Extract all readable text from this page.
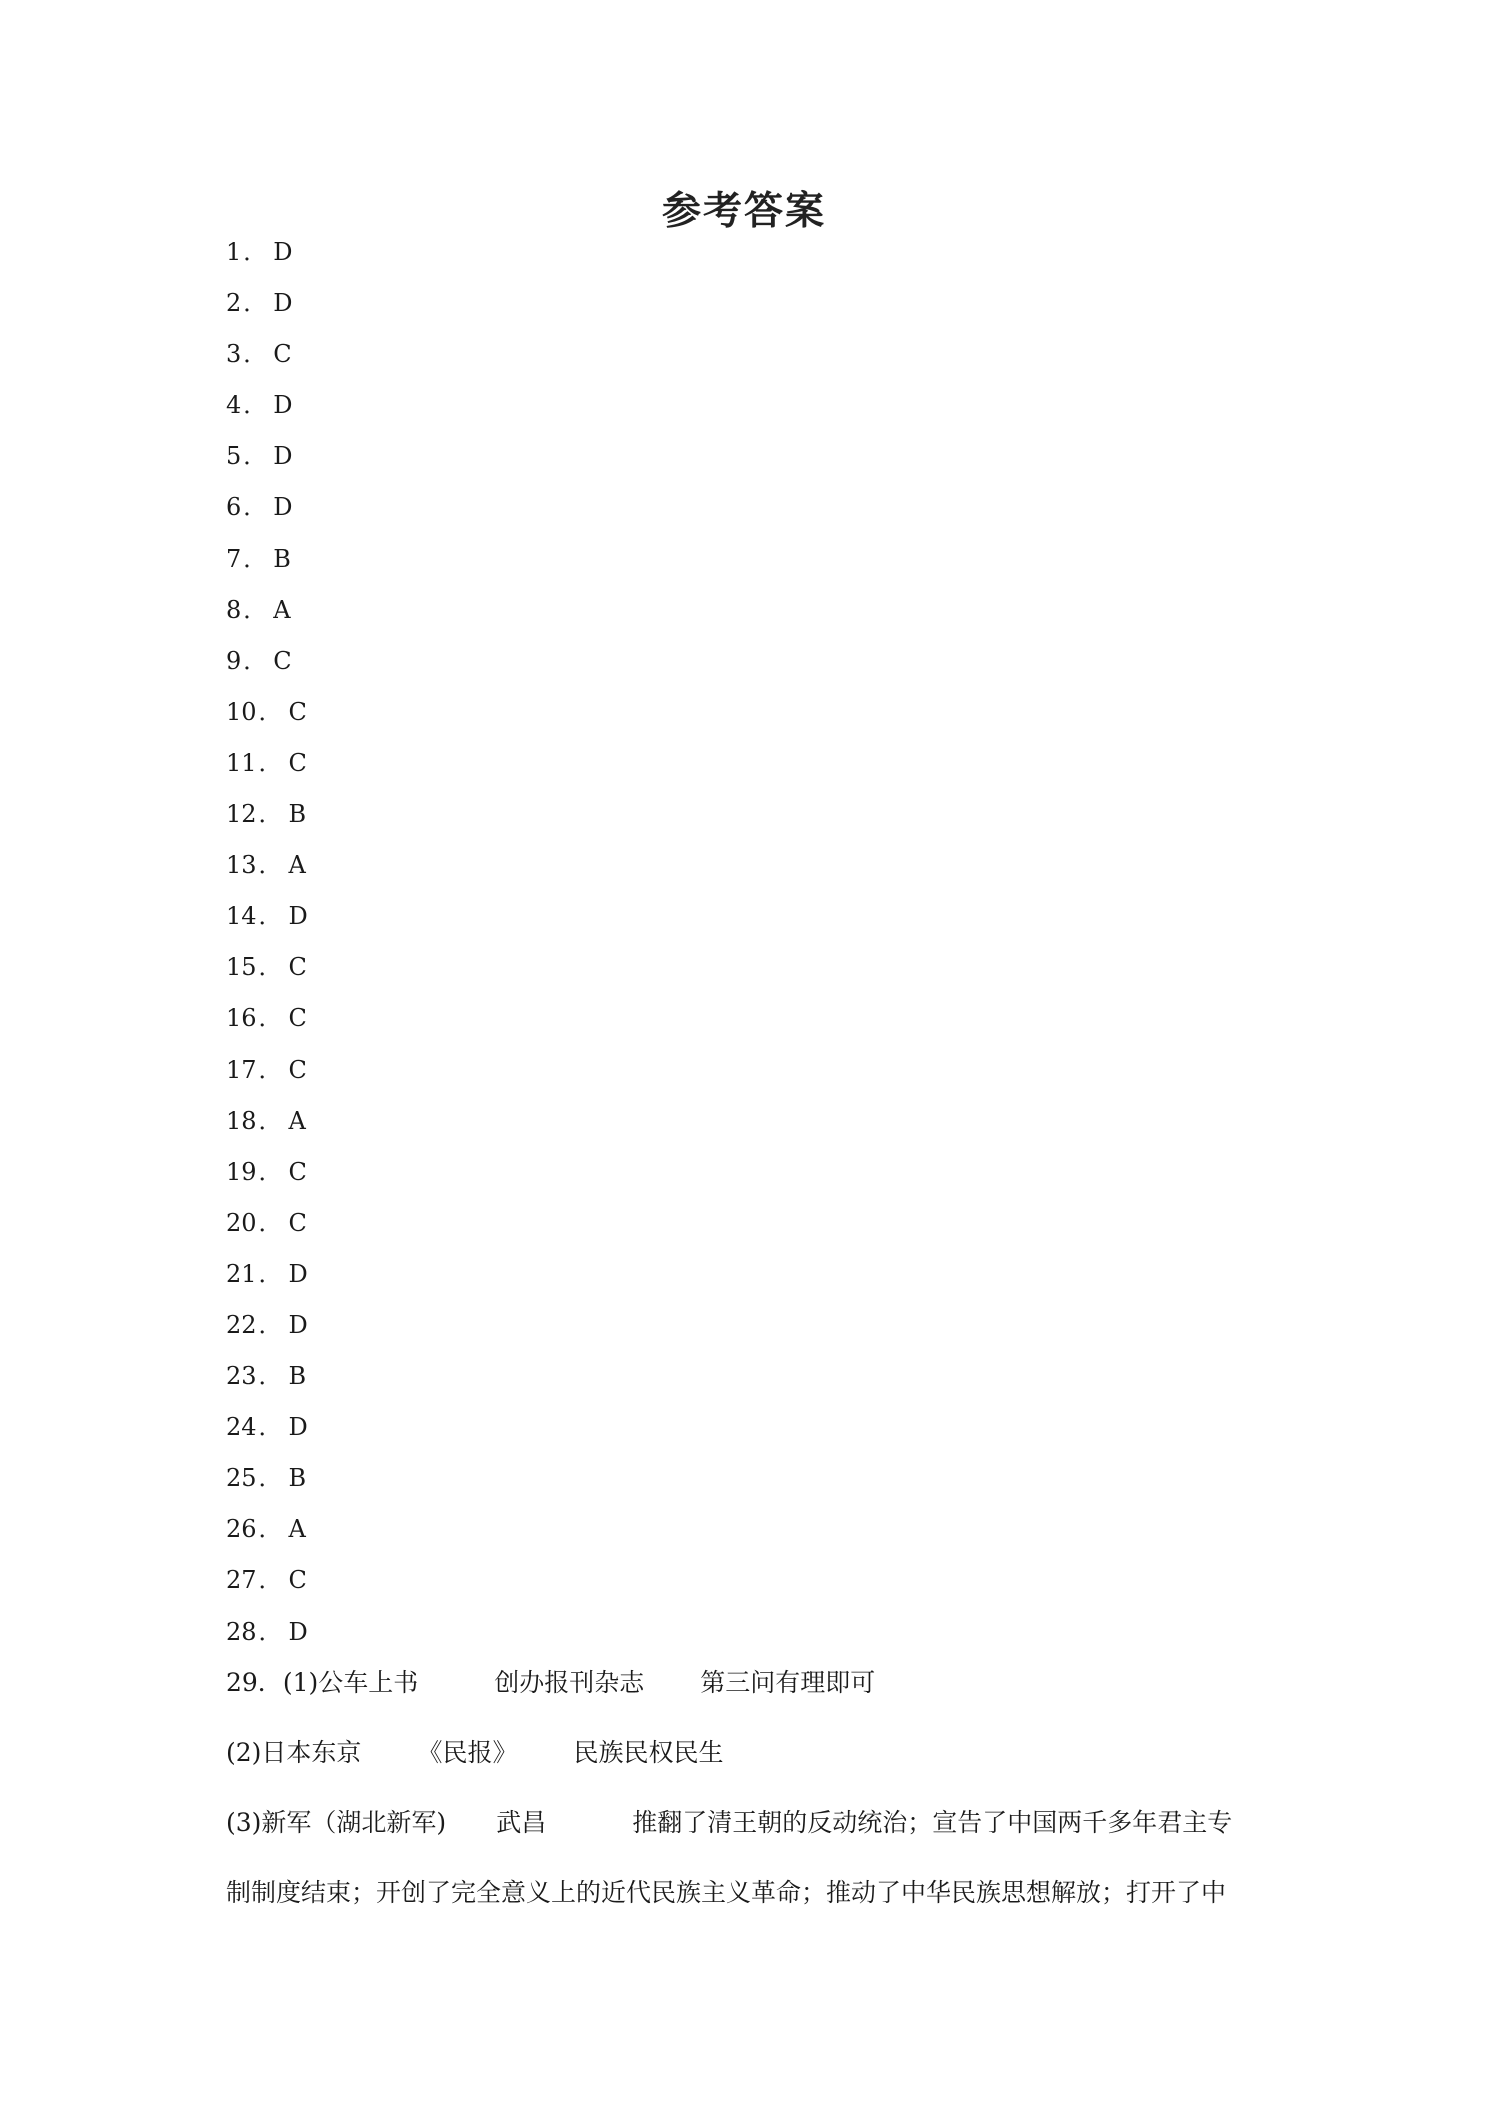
参考答案
1． D
2． D
3． C
4． D
5． D
6． D
7． B
8． A
9． C
10． C
11． C
12． B
13． A
14． D
15． C
16． C
17． C
18． A
19． C
20． C
21． D
22． D
23． B
24． D
25． B
26． A
27． C
28． D
29．(1)公车上书	创办报刊杂志 第三问有理即可
(2)日本东京 《民报》 民族民权民生
(3)新军（湖北新军) 武昌	推翻了清王朝的反动统治；宣告了中国两千多年君主专
制制度结束；开创了完全意义上的近代民族主义革命；推动了中华民族思想解放；打开了中
